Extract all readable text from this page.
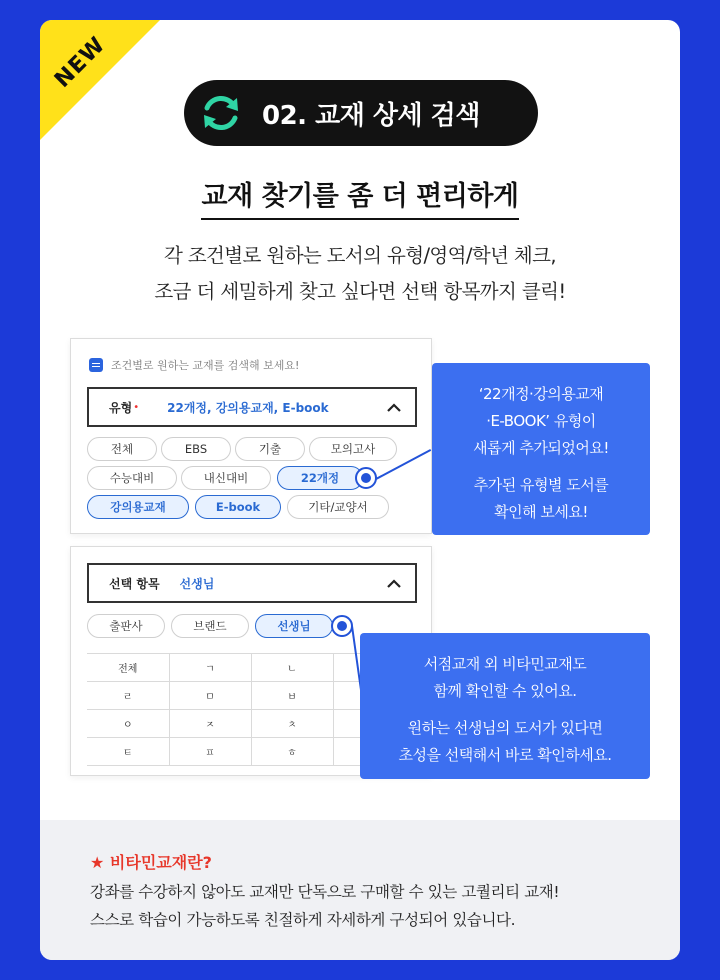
NEW
02. 교재 상세 검색
교재 찾기를 좀 더 편리하게
각 조건별로 원하는 도서의 유형/영역/학년 체크,
조금 더 세밀하게 찾고 싶다면 선택 항목까지 클릭!
조건별로 원하는 교재를 검색해 보세요!
유형 • 22개정, 강의용교재, E-book
전체	EBS	기출	모의고사
수능대비	내신대비	22개정
강의용교재	E-book	기타/교양서
선택 항목 선생님
출판사	브랜드	선생님
전체	ㄱ	ㄴ	
ㄹ	ㅁ	ㅂ	
ㅇ	ㅈ	ㅊ	
ㅌ	ㅍ	ㅎ	
‘22개정·강의용교재
·E-BOOK’ 유형이
새롭게 추가되었어요!
추가된 유형별 도서를
확인해 보세요!
서점교재 외 비타민교재도
함께 확인할 수 있어요.
원하는 선생님의 도서가 있다면
초성을 선택해서 바로 확인하세요.
★ 비타민교재란?
강좌를 수강하지 않아도 교재만 단독으로 구매할 수 있는 고퀄리티 교재!
스스로 학습이 가능하도록 친절하게 자세하게 구성되어 있습니다.
